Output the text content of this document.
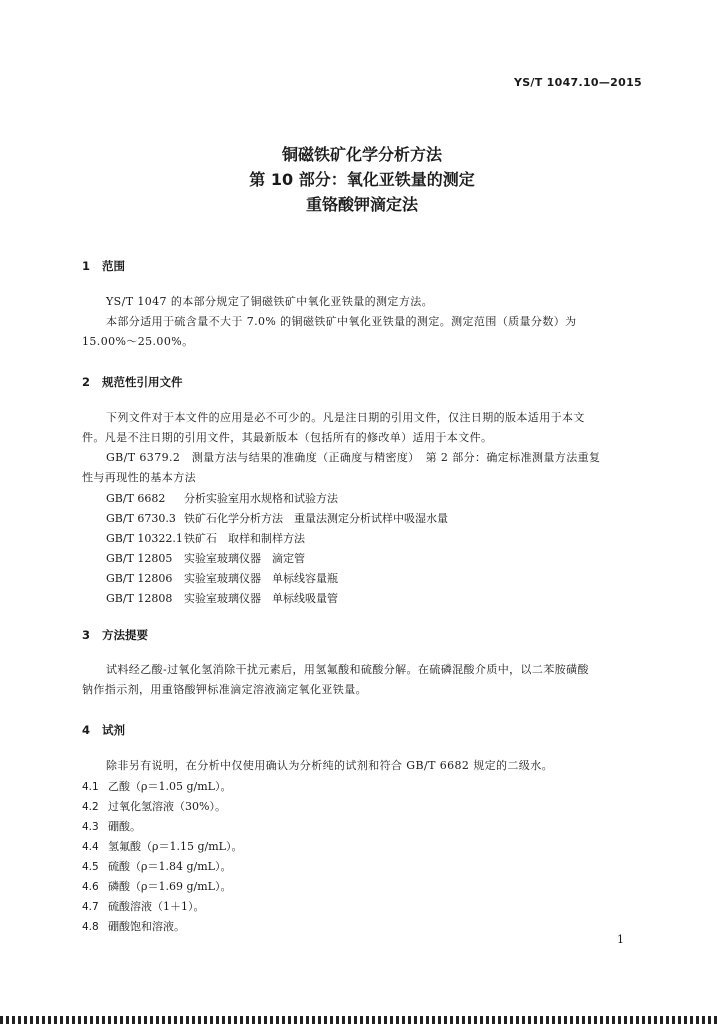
YS/T 1047.10—2015
铜磁铁矿化学分析方法
第 10 部分：氧化亚铁量的测定
重铬酸钾滴定法
1 范围
YS/T 1047 的本部分规定了铜磁铁矿中氧化亚铁量的测定方法。
本部分适用于硫含量不大于 7.0% 的铜磁铁矿中氧化亚铁量的测定。测定范围（质量分数）为
15.00%～25.00%。
2 规范性引用文件
下列文件对于本文件的应用是必不可少的。凡是注日期的引用文件，仅注日期的版本适用于本文
件。凡是不注日期的引用文件，其最新版本（包括所有的修改单）适用于本文件。
GB/T 6379.2　测量方法与结果的准确度（正确度与精密度）　第 2 部分：确定标准测量方法重复
性与再现性的基本方法
GB/T 6682 分析实验室用水规格和试验方法
GB/T 6730.3 铁矿石化学分析方法　重量法测定分析试样中吸湿水量
GB/T 10322.1铁矿石　取样和制样方法
GB/T 12805 实验室玻璃仪器　滴定管
GB/T 12806 实验室玻璃仪器　单标线容量瓶
GB/T 12808 实验室玻璃仪器　单标线吸量管
3 方法提要
试料经乙酸-过氧化氢消除干扰元素后，用氢氟酸和硫酸分解。在硫磷混酸介质中，以二苯胺磺酸
钠作指示剂，用重铬酸钾标准滴定溶液滴定氧化亚铁量。
4 试剂
除非另有说明，在分析中仅使用确认为分析纯的试剂和符合 GB/T 6682 规定的二级水。
4.1 乙酸（ρ＝1.05 g/mL）。
4.2 过氧化氢溶液（30%）。
4.3 硼酸。
4.4 氢氟酸（ρ＝1.15 g/mL）。
4.5 硫酸（ρ＝1.84 g/mL）。
4.6 磷酸（ρ＝1.69 g/mL）。
4.7 硫酸溶液（1＋1）。
4.8 硼酸饱和溶液。
1
